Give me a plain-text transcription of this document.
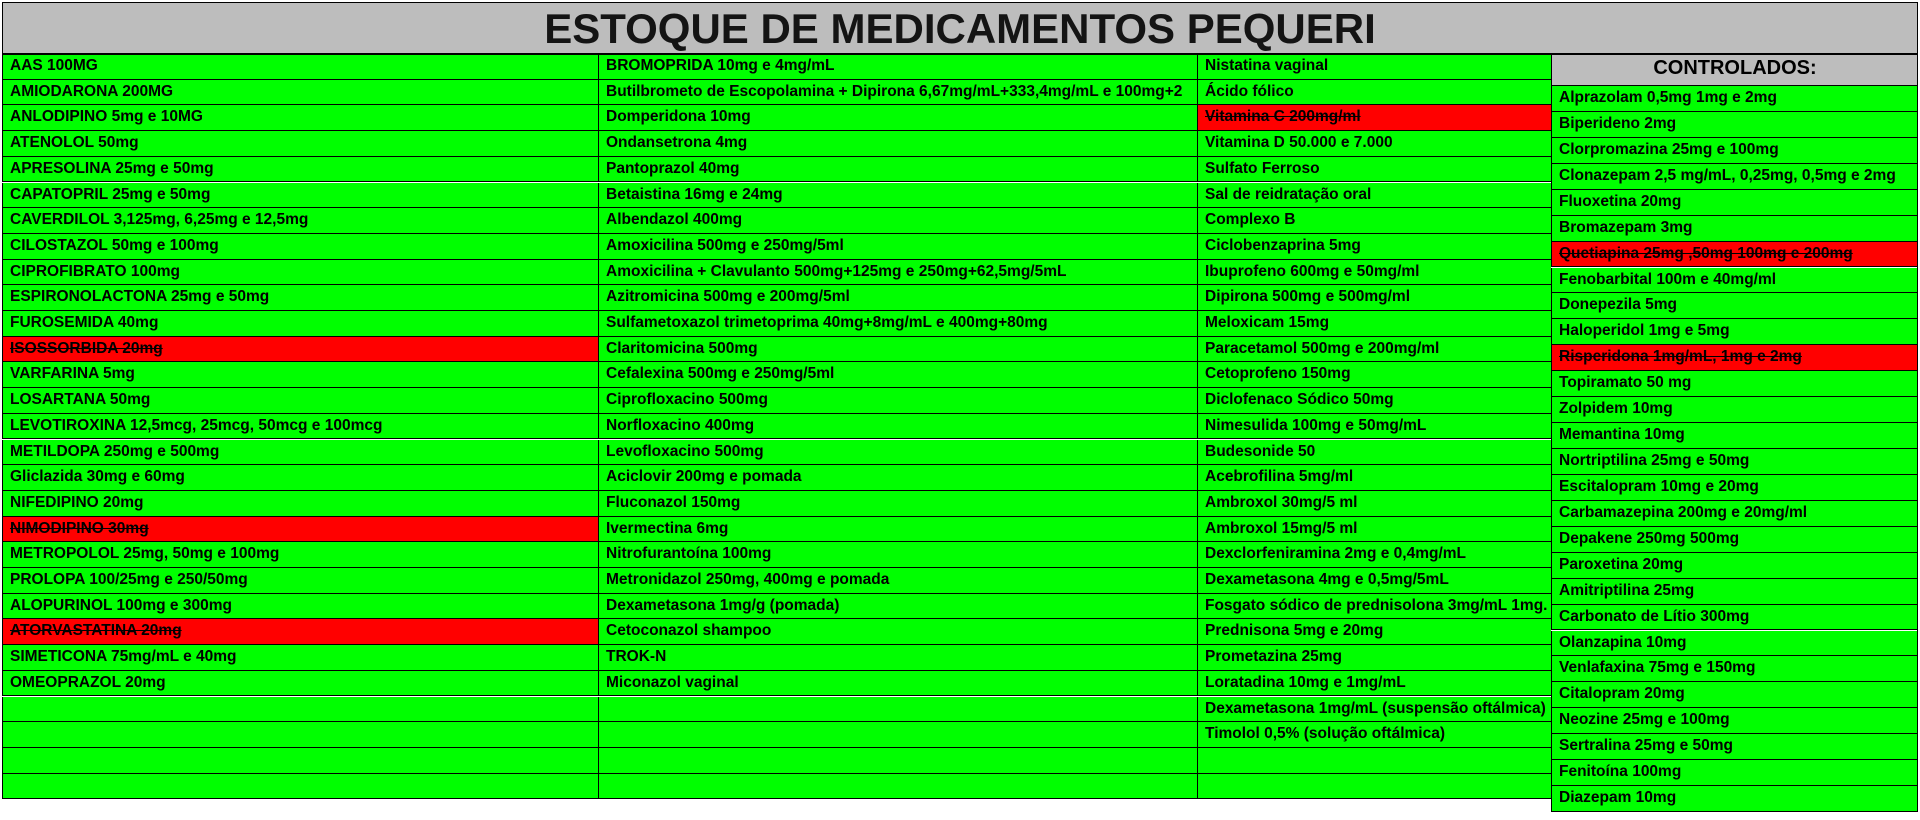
ESTOQUE DE MEDICAMENTOS PEQUERI
AAS 100MG
AMIODARONA 200MG
ANLODIPINO 5mg e 10MG
ATENOLOL 50mg
APRESOLINA 25mg e 50mg
CAPATOPRIL 25mg e 50mg
CAVERDILOL 3,125mg, 6,25mg e 12,5mg
CILOSTAZOL 50mg e 100mg
CIPROFIBRATO 100mg
ESPIRONOLACTONA 25mg e 50mg
FUROSEMIDA 40mg
ISOSSORBIDA 20mg
VARFARINA 5mg
LOSARTANA 50mg
LEVOTIROXINA 12,5mcg, 25mcg, 50mcg e 100mcg
METILDOPA 250mg e 500mg
Gliclazida 30mg e 60mg
NIFEDIPINO 20mg
NIMODIPINO 30mg
METROPOLOL 25mg, 50mg e 100mg
PROLOPA 100/25mg e 250/50mg
ALOPURINOL 100mg e 300mg
ATORVASTATINA 20mg
SIMETICONA 75mg/mL e 40mg
OMEOPRAZOL 20mg
BROMOPRIDA 10mg e 4mg/mL
Butilbrometo de Escopolamina + Dipirona 6,67mg/mL+333,4mg/mL e 100mg+2
Domperidona 10mg
Ondansetrona 4mg
Pantoprazol 40mg
Betaistina 16mg e 24mg
Albendazol 400mg
Amoxicilina 500mg e 250mg/5ml
Amoxicilina + Clavulanto 500mg+125mg e 250mg+62,5mg/5mL
Azitromicina 500mg e 200mg/5ml
Sulfametoxazol trimetoprima 40mg+8mg/mL e 400mg+80mg
Claritomicina 500mg
Cefalexina 500mg e 250mg/5ml
Ciprofloxacino 500mg
Norfloxacino 400mg
Levofloxacino 500mg
Aciclovir 200mg e pomada
Fluconazol 150mg
Ivermectina 6mg
Nitrofurantoína 100mg
Metronidazol 250mg, 400mg e pomada
Dexametasona 1mg/g (pomada)
Cetoconazol shampoo
TROK-N
Miconazol vaginal
Nistatina vaginal
Ácido fólico
Vitamina C 200mg/ml
Vitamina D 50.000 e 7.000
Sulfato Ferroso
Sal de reidratação oral
Complexo B
Ciclobenzaprina 5mg
Ibuprofeno 600mg e 50mg/ml
Dipirona 500mg e 500mg/ml
Meloxicam 15mg
Paracetamol 500mg e 200mg/ml
Cetoprofeno 150mg
Diclofenaco Sódico 50mg
Nimesulida 100mg e 50mg/mL
Budesonide 50
Acebrofilina 5mg/ml
Ambroxol 30mg/5 ml
Ambroxol 15mg/5 ml
Dexclorfeniramina 2mg e 0,4mg/mL
Dexametasona 4mg e 0,5mg/5mL
Fosgato sódico de prednisolona 3mg/mL 1mg.
Prednisona 5mg e 20mg
Prometazina 25mg
Loratadina 10mg e 1mg/mL
Dexametasona 1mg/mL (suspensão oftálmica)
Timolol 0,5% (solução oftálmica)
CONTROLADOS:
Alprazolam 0,5mg 1mg e 2mg
Biperideno 2mg
Clorpromazina 25mg e 100mg
Clonazepam 2,5 mg/mL, 0,25mg, 0,5mg e 2mg
Fluoxetina 20mg
Bromazepam 3mg
Quetiapina 25mg ,50mg 100mg e 200mg
Fenobarbital 100m e 40mg/ml
Donepezila 5mg
Haloperidol 1mg e 5mg
Risperidona 1mg/mL, 1mg e 2mg
Topiramato 50 mg
Zolpidem 10mg
Memantina 10mg
Nortriptilina 25mg e 50mg
Escitalopram 10mg e 20mg
Carbamazepina 200mg e 20mg/ml
Depakene 250mg 500mg
Paroxetina 20mg
Amitriptilina 25mg
Carbonato de Lítio 300mg
Olanzapina 10mg
Venlafaxina 75mg e 150mg
Citalopram 20mg
Neozine 25mg e 100mg
Sertralina 25mg e 50mg
Fenitoína 100mg
Diazepam 10mg
